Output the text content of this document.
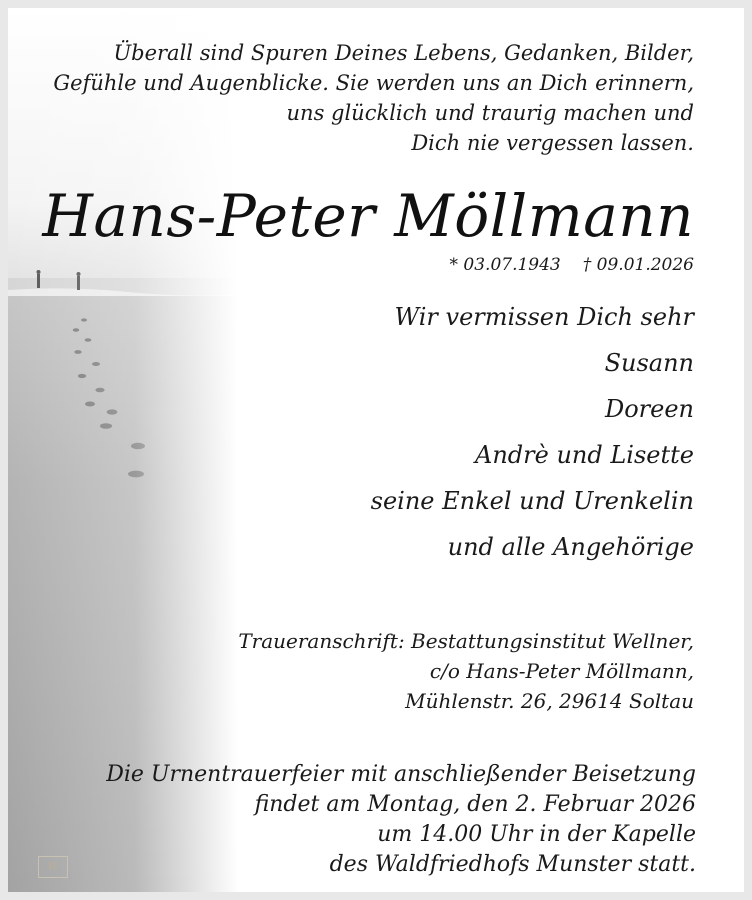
Überall sind Spuren Deines Lebens, Gedanken, Bilder,
Gefühle und Augenblicke. Sie werden uns an Dich erinnern,
uns glücklich und traurig machen und
Dich nie vergessen lassen.
Hans-Peter Möllmann
* 03.07.1943 † 09.01.2026
Wir vermissen Dich sehr
Susann
Doreen
Andrè und Lisette
seine Enkel und Urenkelin
und alle Angehörige
Traueranschrift: Bestattungsinstitut Wellner,
c/o Hans-Peter Möllmann,
Mühlenstr. 26, 29614 Soltau
Die Urnentrauerfeier mit anschließender Beisetzung
findet am Montag, den 2. Februar 2026
um 14.00 Uhr in der Kapelle
des Waldfriedhofs Munster statt.
W
